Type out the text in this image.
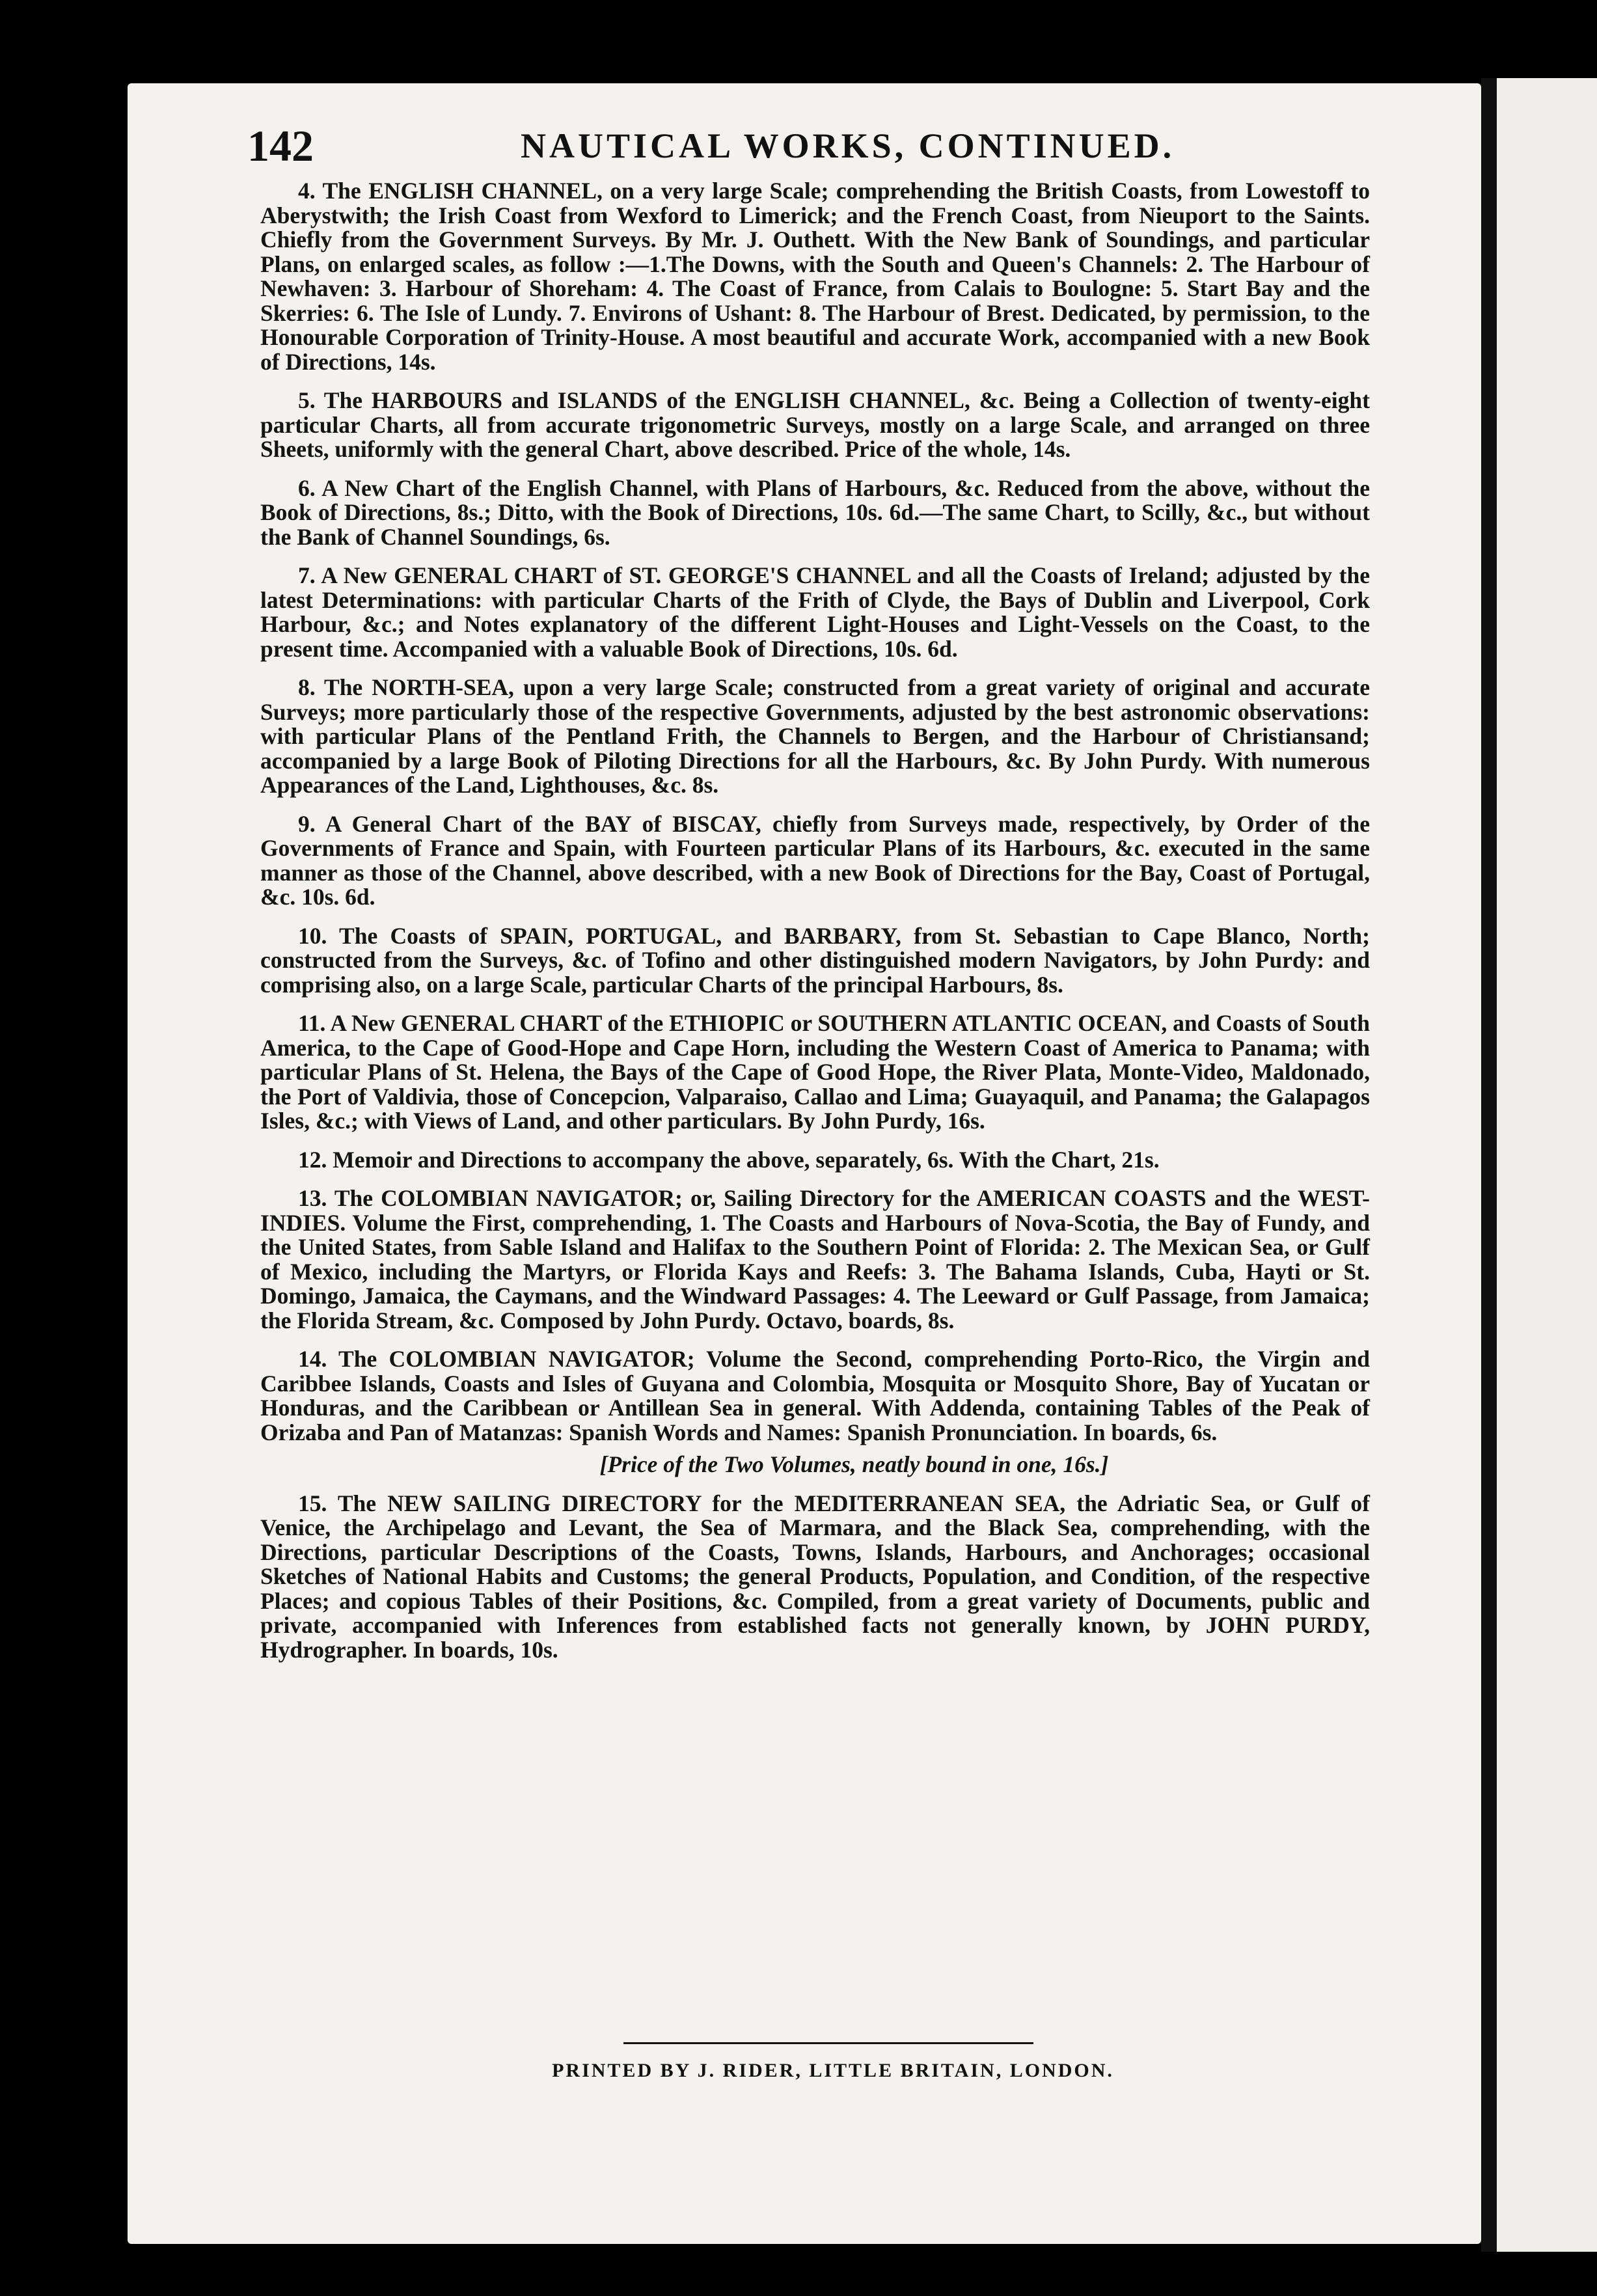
142	NAUTICAL WORKS, CONTINUED.

4. The ENGLISH CHANNEL, on a very large Scale; comprehending the British Coasts, from Lowestoff to Aberystwith; the Irish Coast from Wexford to Limerick; and the French Coast, from Nieuport to the Saints. Chiefly from the Government Surveys. By Mr. J. Outhett. With the New Bank of Soundings, and particular Plans, on enlarged scales, as follow :—1.The Downs, with the South and Queen's Channels: 2. The Harbour of Newhaven: 3. Harbour of Shoreham: 4. The Coast of France, from Calais to Boulogne: 5. Start Bay and the Skerries: 6. The Isle of Lundy. 7. Environs of Ushant: 8. The Harbour of Brest. Dedicated, by permission, to the Honourable Corporation of Trinity-House. A most beautiful and accurate Work, accompanied with a new Book of Directions, 14s.

5. The HARBOURS and ISLANDS of the ENGLISH CHANNEL, &c. Being a Collection of twenty-eight particular Charts, all from accurate trigonometric Surveys, mostly on a large Scale, and arranged on three Sheets, uniformly with the general Chart, above described. Price of the whole, 14s.

6. A New Chart of the English Channel, with Plans of Harbours, &c. Reduced from the above, without the Book of Directions, 8s.; Ditto, with the Book of Directions, 10s. 6d.—The same Chart, to Scilly, &c., but without the Bank of Channel Soundings, 6s.

7. A New GENERAL CHART of ST. GEORGE'S CHANNEL and all the Coasts of Ireland; adjusted by the latest Determinations: with particular Charts of the Frith of Clyde, the Bays of Dublin and Liverpool, Cork Harbour, &c.; and Notes explanatory of the different Light-Houses and Light-Vessels on the Coast, to the present time. Accompanied with a valuable Book of Directions, 10s. 6d.

8. The NORTH-SEA, upon a very large Scale; constructed from a great variety of original and accurate Surveys; more particularly those of the respective Governments, adjusted by the best astronomic observations: with particular Plans of the Pentland Frith, the Channels to Bergen, and the Harbour of Christiansand; accompanied by a large Book of Piloting Directions for all the Harbours, &c. By John Purdy. With numerous Appearances of the Land, Lighthouses, &c. 8s.

9. A General Chart of the BAY of BISCAY, chiefly from Surveys made, respectively, by Order of the Governments of France and Spain, with Fourteen particular Plans of its Harbours, &c. executed in the same manner as those of the Channel, above described, with a new Book of Directions for the Bay, Coast of Portugal, &c. 10s. 6d.

10. The Coasts of SPAIN, PORTUGAL, and BARBARY, from St. Sebastian to Cape Blanco, North; constructed from the Surveys, &c. of Tofino and other distinguished modern Navigators, by John Purdy: and comprising also, on a large Scale, particular Charts of the principal Harbours, 8s.

11. A New GENERAL CHART of the ETHIOPIC or SOUTHERN ATLANTIC OCEAN, and Coasts of South America, to the Cape of Good-Hope and Cape Horn, including the Western Coast of America to Panama; with particular Plans of St. Helena, the Bays of the Cape of Good Hope, the River Plata, Monte-Video, Maldonado, the Port of Valdivia, those of Concepcion, Valparaiso, Callao and Lima; Guayaquil, and Panama; the Galapagos Isles, &c.; with Views of Land, and other particulars. By John Purdy, 16s.

12. Memoir and Directions to accompany the above, separately, 6s. With the Chart, 21s.

13. The COLOMBIAN NAVIGATOR; or, Sailing Directory for the AMERICAN COASTS and the WEST-INDIES. Volume the First, comprehending, 1. The Coasts and Harbours of Nova-Scotia, the Bay of Fundy, and the United States, from Sable Island and Halifax to the Southern Point of Florida: 2. The Mexican Sea, or Gulf of Mexico, including the Martyrs, or Florida Kays and Reefs: 3. The Bahama Islands, Cuba, Hayti or St. Domingo, Jamaica, the Caymans, and the Windward Passages: 4. The Leeward or Gulf Passage, from Jamaica; the Florida Stream, &c. Composed by John Purdy. Octavo, boards, 8s.

14. The COLOMBIAN NAVIGATOR; Volume the Second, comprehending Porto-Rico, the Virgin and Caribbee Islands, Coasts and Isles of Guyana and Colombia, Mosquita or Mosquito Shore, Bay of Yucatan or Honduras, and the Caribbean or Antillean Sea in general. With Addenda, containing Tables of the Peak of Orizaba and Pan of Matanzas: Spanish Words and Names: Spanish Pronunciation. In boards, 6s.

[Price of the Two Volumes, neatly bound in one, 16s.]

15. The NEW SAILING DIRECTORY for the MEDITERRANEAN SEA, the Adriatic Sea, or Gulf of Venice, the Archipelago and Levant, the Sea of Marmara, and the Black Sea, comprehending, with the Directions, particular Descriptions of the Coasts, Towns, Islands, Harbours, and Anchorages; occasional Sketches of National Habits and Customs; the general Products, Population, and Condition, of the respective Places; and copious Tables of their Positions, &c. Compiled, from a great variety of Documents, public and private, accompanied with Inferences from established facts not generally known, by JOHN PURDY, Hydrographer. In boards, 10s.

PRINTED BY J. RIDER, LITTLE BRITAIN, LONDON.
